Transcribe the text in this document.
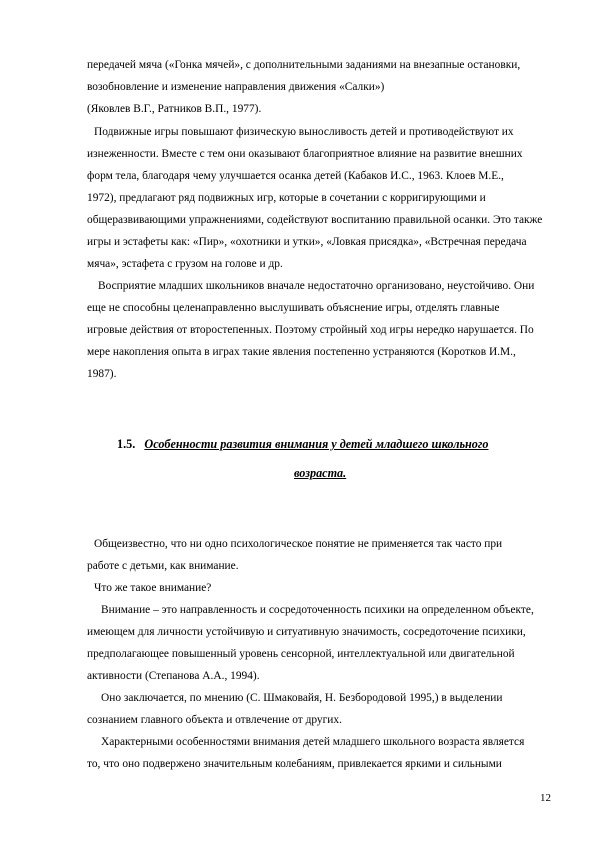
передачей мяча («Гонка мячей», с дополнительными заданиями на внезапные остановки,
возобновление и изменение направления движения «Салки»)
(Яковлев В.Г., Ратников В.П., 1977).
Подвижные игры повышают физическую выносливость детей и противодействуют их
изнеженности. Вместе с тем они оказывают благоприятное влияние на развитие внешних
форм тела, благодаря чему улучшается осанка детей (Кабаков И.С., 1963. Клоев М.Е.,
1972), предлагают ряд подвижных игр, которые в сочетании с корригирующими и
общеразвивающими упражнениями, содействуют воспитанию правильной осанки. Это также
игры и эстафеты как: «Пир», «охотники и утки», «Ловкая присядка», «Встречная передача
мяча», эстафета с грузом на голове и др.
Восприятие младших школьников вначале недостаточно организовано, неустойчиво. Они
еще не способны целенаправленно выслушивать объяснение игры, отделять главные
игровые действия от второстепенных. Поэтому стройный ход игры нередко нарушается. По
мере накопления опыта в играх такие явления постепенно устраняются (Коротков И.М.,
1987).
1.5. Особенности развития внимания у детей младшего школьного
возраста.
Общеизвестно, что ни одно психологическое понятие не применяется так часто при
работе с детьми, как внимание.
Что же такое внимание?
Внимание – это направленность и сосредоточенность психики на определенном объекте,
имеющем для личности устойчивую и ситуативную значимость, сосредоточение психики,
предполагающее повышенный уровень сенсорной, интеллектуальной или двигательной
активности (Степанова А.А., 1994).
Оно заключается, по мнению (С. Шмаковайя, Н. Безбородовой 1995,) в выделении
сознанием главного объекта и отвлечение от других.
Характерными особенностями внимания детей младшего школьного возраста является
то, что оно подвержено значительным колебаниям, привлекается яркими и сильными
12
